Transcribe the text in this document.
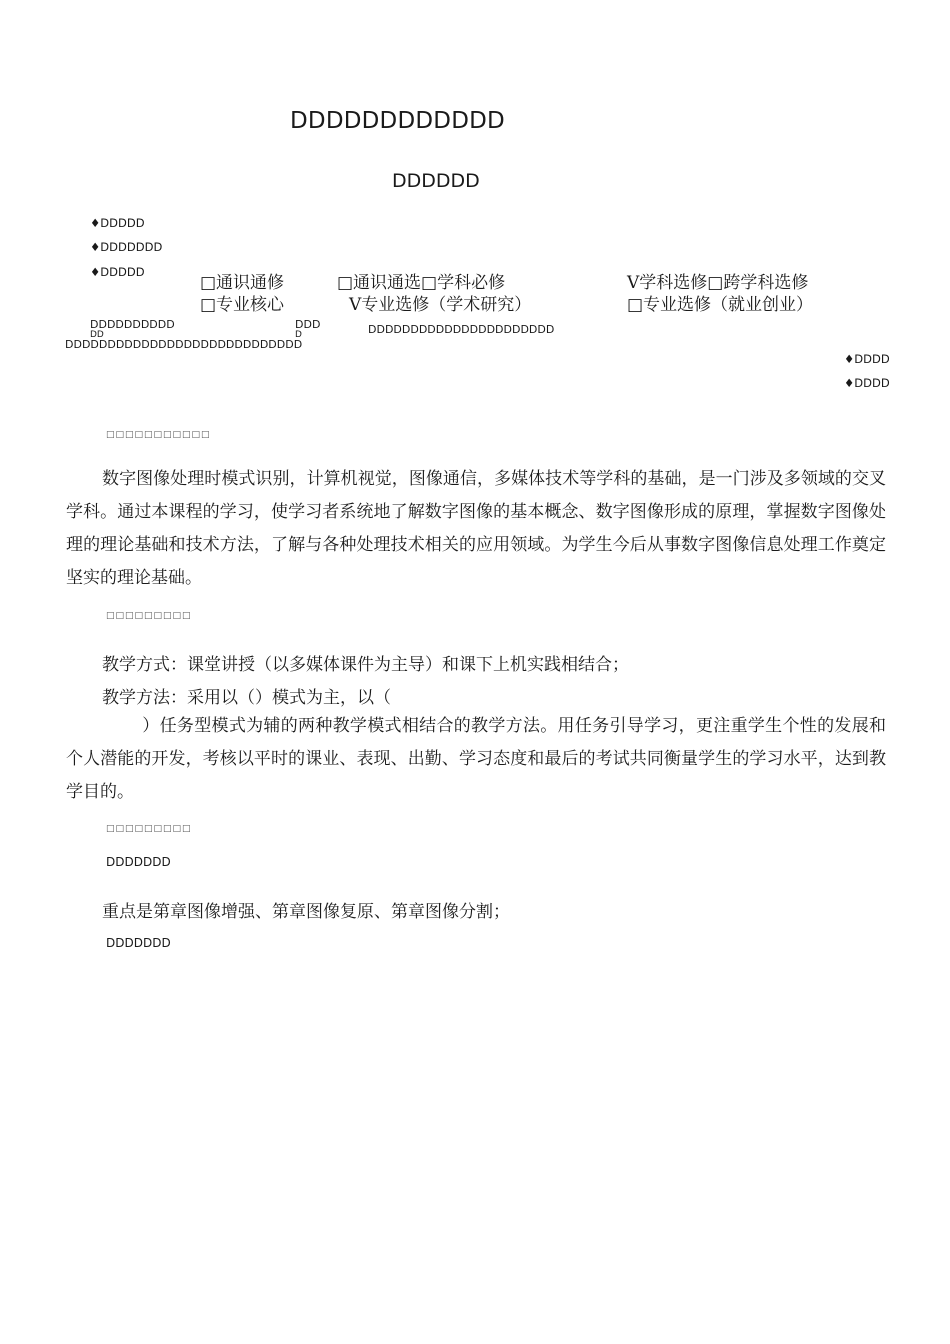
DDDDDDDDDDDD
DDDDDD
♦DDDDD
♦DDDDDDD
♦DDDDD
□通识通修	□通识通选□学科必修	V学科选修□跨学科选修
□专业核心	V专业选修（学术研究）	□专业选修（就业创业）
DDDDDDDDDD
DD
DDD
D	DDDDDDDDDDDDDDDDDDDDDD
DDDDDDDDDDDDDDDDDDDDDDDDDDDD
♦DDDD
♦DDDD
□□□□□□□□□□□
数字图像处理时模式识别，计算机视觉，图像通信，多媒体技术等学科的基础，是一门涉及多领域的交叉学科。通过本课程的学习，使学习者系统地了解数字图像的基本概念、数字图像形成的原理，掌握数字图像处理的理论基础和技术方法，了解与各种处理技术相关的应用领域。为学生今后从事数字图像信息处理工作奠定坚实的理论基础。
□□□□□□□□□
教学方式：课堂讲授（以多媒体课件为主导）和课下上机实践相结合；
教学方法：采用以（）模式为主，以（
）任务型模式为辅的两种教学模式相结合的教学方法。用任务引导学习，更注重学生个性的发展和个人潜能的开发，考核以平时的课业、表现、出勤、学习态度和最后的考试共同衡量学生的学习水平，达到教学目的。
□□□□□□□□□
DDDDDDD
重点是第章图像增强、第章图像复原、第章图像分割；
DDDDDDD
